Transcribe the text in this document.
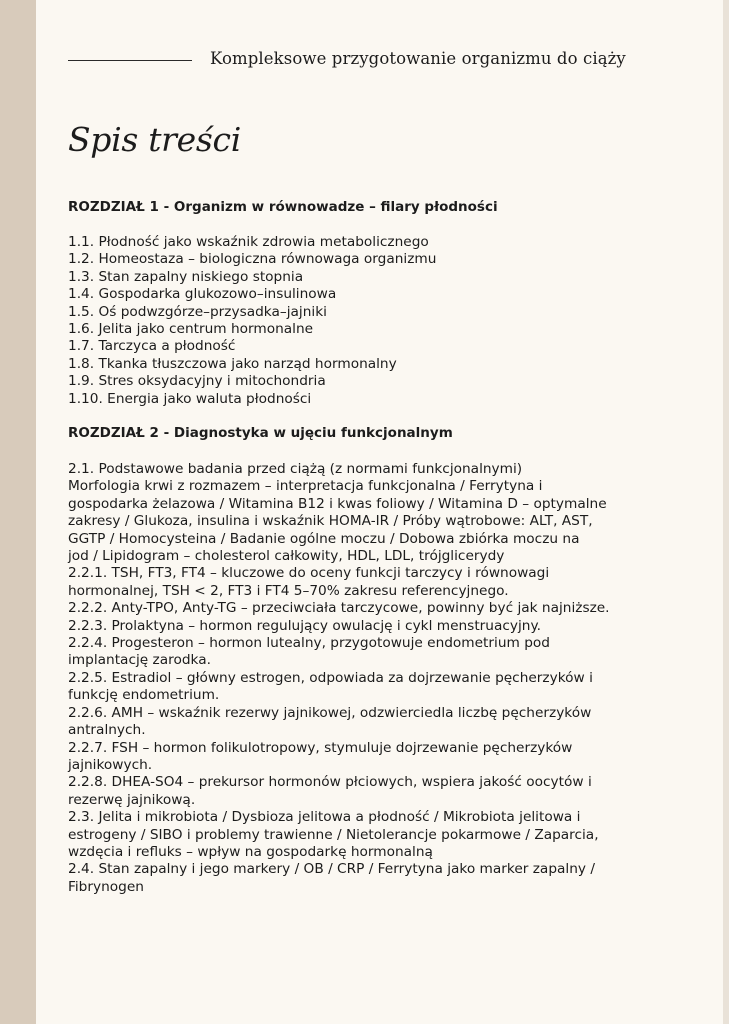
Kompleksowe przygotowanie organizmu do ciąży
Spis treści
ROZDZIAŁ 1 - Organizm w równowadze – filary płodności
1.1. Płodność jako wskaźnik zdrowia metabolicznego
1.2. Homeostaza – biologiczna równowaga organizmu
1.3. Stan zapalny niskiego stopnia
1.4. Gospodarka glukozowo–insulinowa
1.5. Oś podwzgórze–przysadka–jajniki
1.6. Jelita jako centrum hormonalne
1.7. Tarczyca a płodność
1.8. Tkanka tłuszczowa jako narząd hormonalny
1.9. Stres oksydacyjny i mitochondria
1.10. Energia jako waluta płodności
ROZDZIAŁ 2 - Diagnostyka w ujęciu funkcjonalnym
2.1. Podstawowe badania przed ciążą (z normami funkcjonalnymi)
Morfologia krwi z rozmazem – interpretacja funkcjonalna / Ferrytyna i
gospodarka żelazowa / Witamina B12 i kwas foliowy / Witamina D – optymalne
zakresy / Glukoza, insulina i wskaźnik HOMA-IR / Próby wątrobowe: ALT, AST,
GGTP / Homocysteina / Badanie ogólne moczu / Dobowa zbiórka moczu na
jod / Lipidogram – cholesterol całkowity, HDL, LDL, trójglicerydy
2.2.1. TSH, FT3, FT4 – kluczowe do oceny funkcji tarczycy i równowagi
hormonalnej, TSH < 2, FT3 i FT4 5–70% zakresu referencyjnego.
2.2.2. Anty-TPO, Anty-TG – przeciwciała tarczycowe, powinny być jak najniższe.
2.2.3. Prolaktyna – hormon regulujący owulację i cykl menstruacyjny.
2.2.4. Progesteron – hormon lutealny, przygotowuje endometrium pod
implantację zarodka.
2.2.5. Estradiol – główny estrogen, odpowiada za dojrzewanie pęcherzyków i
funkcję endometrium.
2.2.6. AMH – wskaźnik rezerwy jajnikowej, odzwierciedla liczbę pęcherzyków
antralnych.
2.2.7. FSH – hormon folikulotropowy, stymuluje dojrzewanie pęcherzyków
jajnikowych.
2.2.8. DHEA-SO4 – prekursor hormonów płciowych, wspiera jakość oocytów i
rezerwę jajnikową.
2.3. Jelita i mikrobiota / Dysbioza jelitowa a płodność / Mikrobiota jelitowa i
estrogeny / SIBO i problemy trawienne / Nietolerancje pokarmowe / Zaparcia,
wzdęcia i refluks – wpływ na gospodarkę hormonalną
2.4. Stan zapalny i jego markery / OB / CRP / Ferrytyna jako marker zapalny /
Fibrynogen
